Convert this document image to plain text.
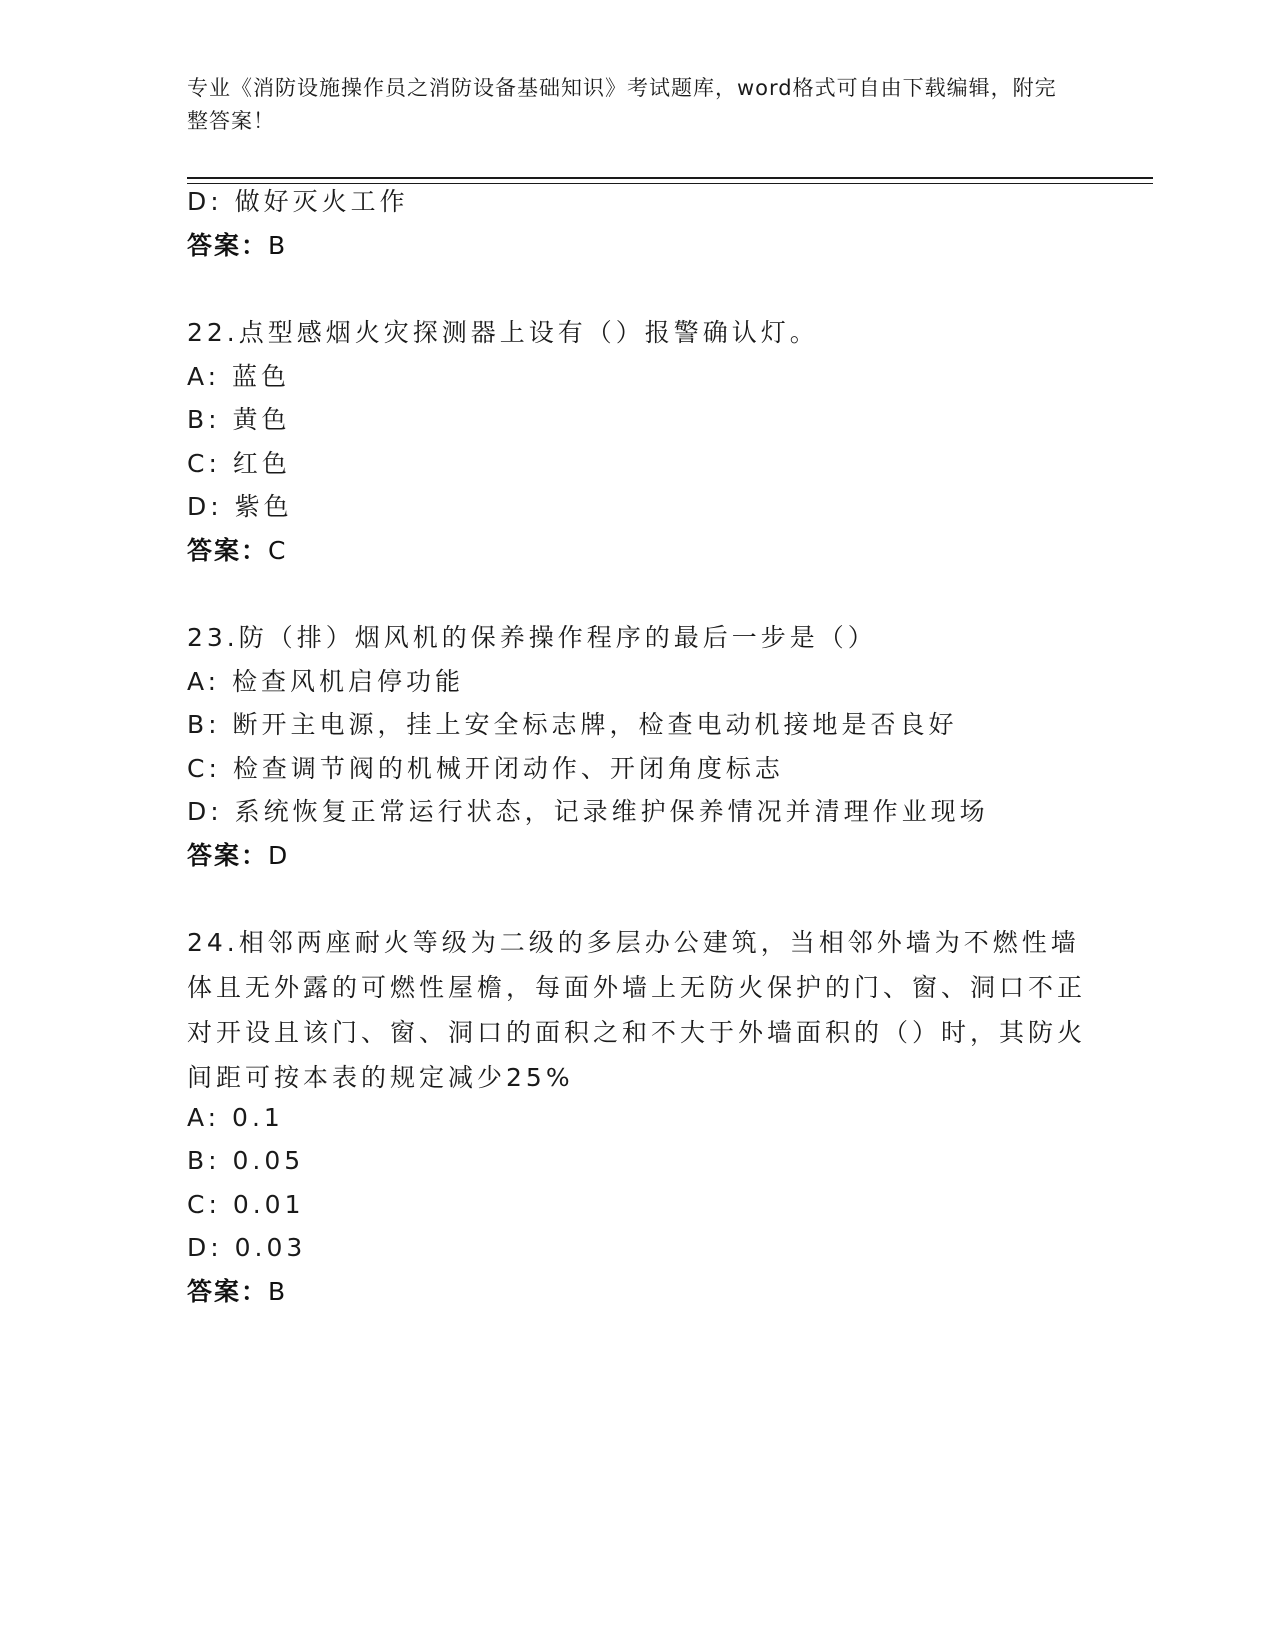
专业《消防设施操作员之消防设备基础知识》考试题库，word格式可自由下载编辑，附完整答案！
D: 做好灭火工作
答案：B
22.点型感烟火灾探测器上设有（）报警确认灯。
A: 蓝色
B: 黄色
C: 红色
D: 紫色
答案：C
23.防（排）烟风机的保养操作程序的最后一步是（）
A: 检查风机启停功能
B: 断开主电源，挂上安全标志牌，检查电动机接地是否良好
C: 检查调节阀的机械开闭动作、开闭角度标志
D: 系统恢复正常运行状态，记录维护保养情况并清理作业现场
答案：D
24.相邻两座耐火等级为二级的多层办公建筑，当相邻外墙为不燃性墙体且无外露的可燃性屋檐，每面外墙上无防火保护的门、窗、洞口不正对开设且该门、窗、洞口的面积之和不大于外墙面积的（）时，其防火间距可按本表的规定减少25%
A: 0.1
B: 0.05
C: 0.01
D: 0.03
答案：B
